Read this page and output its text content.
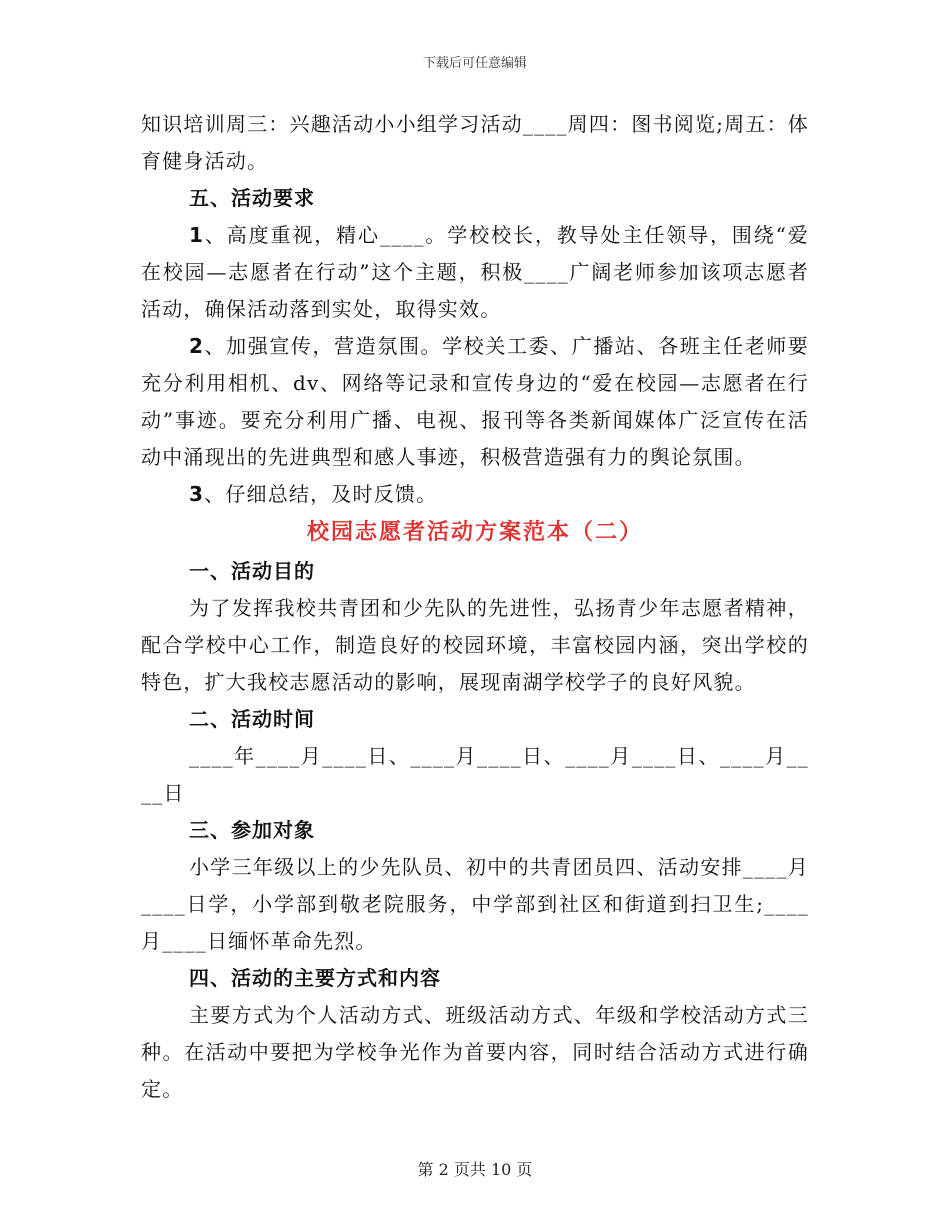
下载后可任意编辑

知识培训周三：兴趣活动小小组学习活动____周四：图书阅览;周五：体育健身活动。

五、活动要求

1、高度重视，精心____。学校校长，教导处主任领导，围绕“爱在校园—志愿者在行动”这个主题，积极____广阔老师参加该项志愿者活动，确保活动落到实处，取得实效。

2、加强宣传，营造氛围。学校关工委、广播站、各班主任老师要充分利用相机、dv、网络等记录和宣传身边的“爱在校园—志愿者在行动”事迹。要充分利用广播、电视、报刊等各类新闻媒体广泛宣传在活动中涌现出的先进典型和感人事迹，积极营造强有力的舆论氛围。

3、仔细总结，及时反馈。

校园志愿者活动方案范本（二）

一、活动目的

为了发挥我校共青团和少先队的先进性，弘扬青少年志愿者精神，配合学校中心工作，制造良好的校园环境，丰富校园内涵，突出学校的特色，扩大我校志愿活动的影响，展现南湖学校学子的良好风貌。

二、活动时间

____年____月____日、____月____日、____月____日、____月____日

三、参加对象

小学三年级以上的少先队员、初中的共青团员四、活动安排____月____日学，小学部到敬老院服务，中学部到社区和街道到扫卫生;____月____日缅怀革命先烈。

四、活动的主要方式和内容

主要方式为个人活动方式、班级活动方式、年级和学校活动方式三种。在活动中要把为学校争光作为首要内容，同时结合活动方式进行确定。

第 2 页共 10 页
